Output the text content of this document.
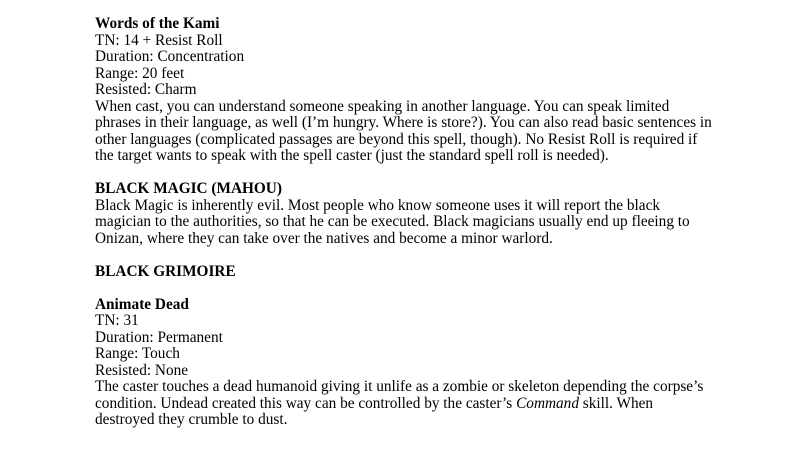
Words of the Kami

TN: 14 + Resist Roll

Duration: Concentration

Range: 20 feet

Resisted: Charm

When cast, you can understand someone speaking in another language. You can speak limited phrases in their language, as well (I’m hungry. Where is store?). You can also read basic sentences in other languages (complicated passages are beyond this spell, though). No Resist Roll is required if the target wants to speak with the spell caster (just the standard spell roll is needed).

BLACK MAGIC (MAHOU)

Black Magic is inherently evil. Most people who know someone uses it will report the black magician to the authorities, so that he can be executed. Black magicians usually end up fleeing to Onizan, where they can take over the natives and become a minor warlord.

BLACK GRIMOIRE
Animate Dead

TN: 31

Duration: Permanent

Range: Touch

Resisted: None

The caster touches a dead humanoid giving it unlife as a zombie or skeleton depending the corpse’s condition. Undead created this way can be controlled by the caster’s Command skill. When destroyed they crumble to dust.
